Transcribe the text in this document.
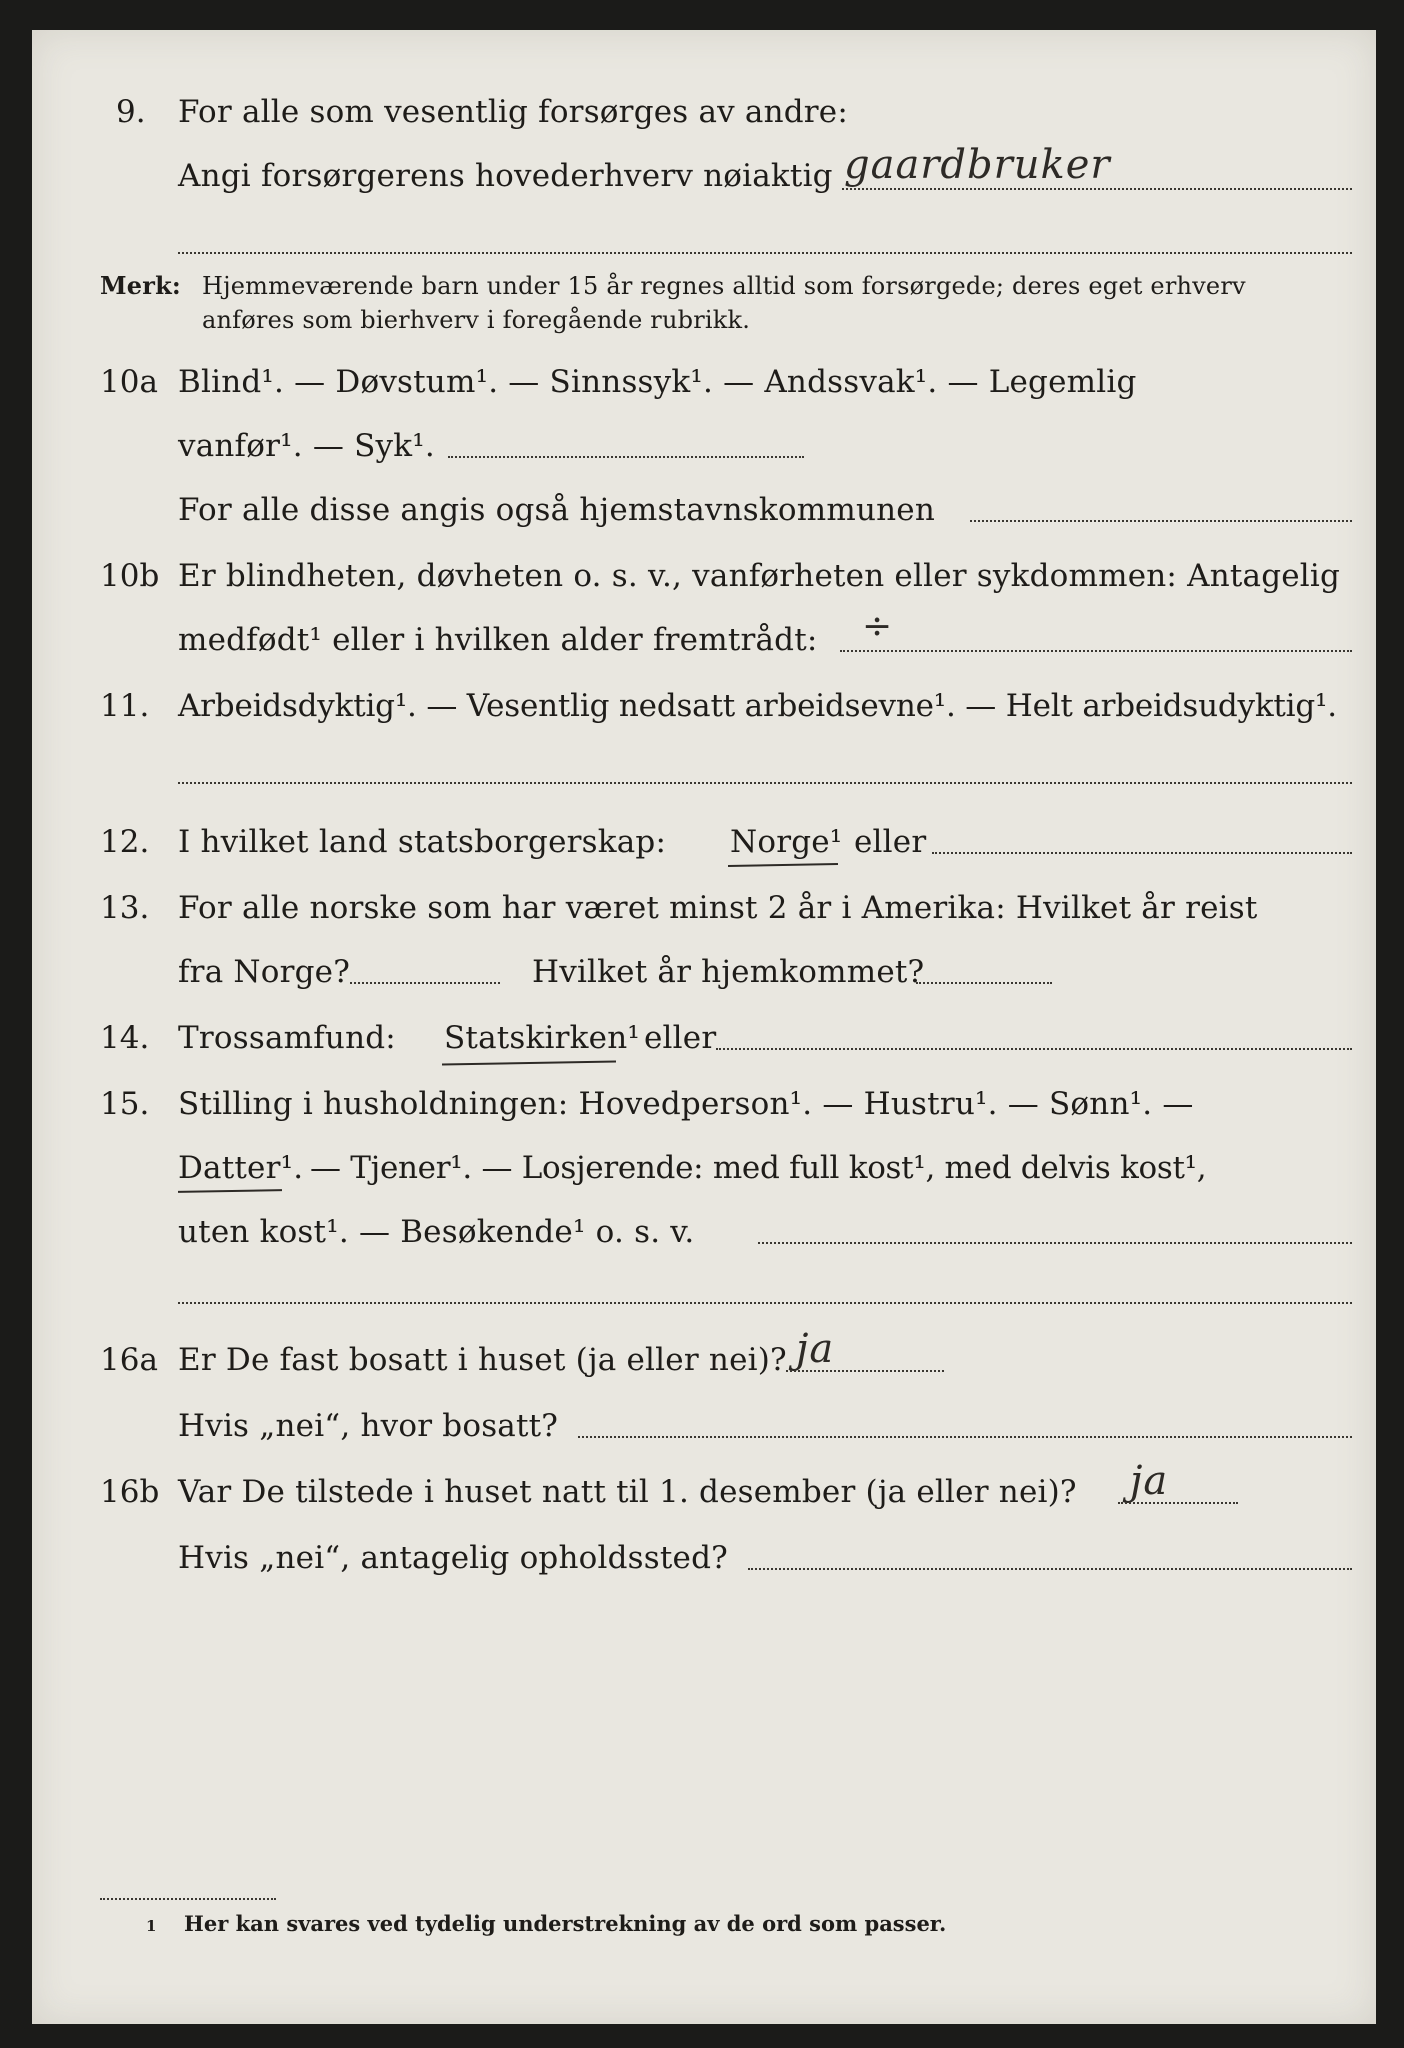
9. For alle som vesentlig forsørges av andre:
Angi forsørgerens hovederhverv nøiaktig gaardbruker
Merk: Hjemmeværende barn under 15 år regnes alltid som forsørgede; deres eget erhverv
anføres som bierhverv i foregående rubrikk.
10a Blind¹. — Døvstum¹. — Sinnssyk¹. — Andssvak¹. — Legemlig
vanfør¹. — Syk¹.
For alle disse angis også hjemstavnskommunen
10b Er blindheten, døvheten o. s. v., vanførheten eller sykdommen: Antagelig
medfødt¹ eller i hvilken alder fremtrådt: ÷
11. Arbeidsdyktig¹. — Vesentlig nedsatt arbeidsevne¹. — Helt arbeidsudyktig¹.
12. I hvilket land statsborgerskap: Norge¹ eller
13. For alle norske som har været minst 2 år i Amerika: Hvilket år reist
fra Norge?	Hvilket år hjemkommet?
14. Trossamfund: Statskirken¹ eller
15. Stilling i husholdningen: Hovedperson¹. — Hustru¹. — Sønn¹. —
Datter¹. — Tjener¹. — Losjerende: med full kost¹, med delvis kost¹,
uten kost¹. — Besøkende¹ o. s. v.
16a Er De fast bosatt i huset (ja eller nei)? ja
Hvis „nei“, hvor bosatt?
16b Var De tilstede i huset natt til 1. desember (ja eller nei)? ja
Hvis „nei“, antagelig opholdssted?
1 Her kan svares ved tydelig understrekning av de ord som passer.
